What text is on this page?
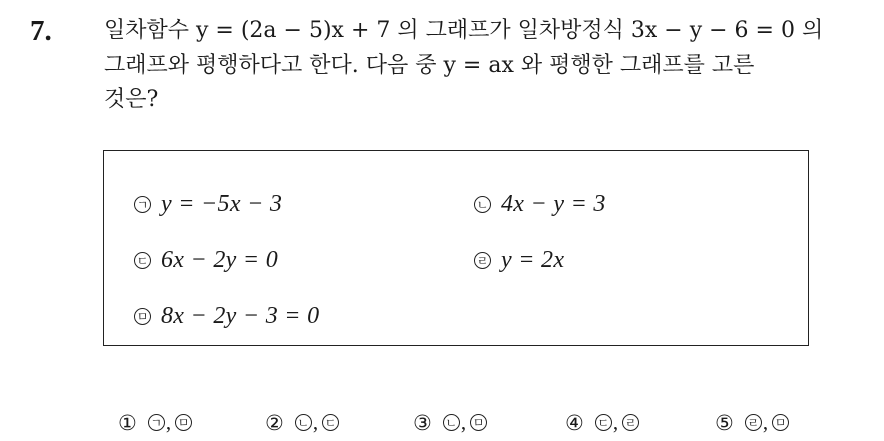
7. 일차함수 y = (2a − 5)x + 7 의 그래프가 일차방정식 3x − y − 6 = 0 의
그래프와 평행하다고 한다. 다음 중 y = ax 와 평행한 그래프를 고른
것은?
ㄱ y = −5x − 3	ㄴ 4x − y = 3
ㄷ 6x − 2y = 0	ㄹ y = 2x
ㅁ 8x − 2y − 3 = 0
① ㄱ , ㅁ	② ㄴ , ㄷ	③ ㄴ , ㅁ	④ ㄷ , ㄹ	⑤ ㄹ , ㅁ
